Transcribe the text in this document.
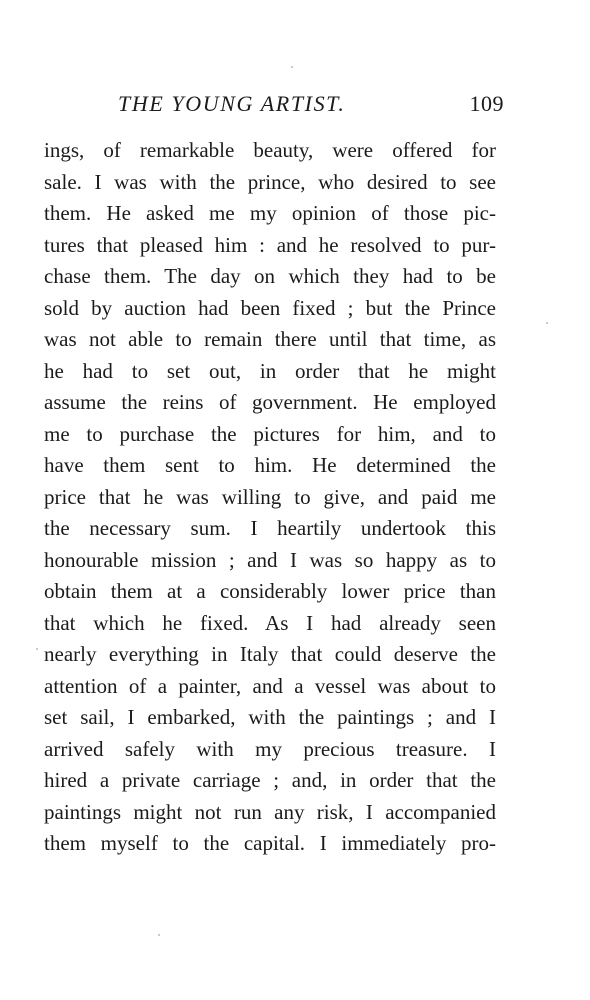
THE YOUNG ARTIST.	109
ings, of remarkable beauty, were offered for
sale. I was with the prince, who desired to see
them. He asked me my opinion of those pic-
tures that pleased him : and he resolved to pur-
chase them. The day on which they had to be
sold by auction had been fixed ; but the Prince
was not able to remain there until that time, as
he had to set out, in order that he might
assume the reins of government. He employed
me to purchase the pictures for him, and to
have them sent to him. He determined the
price that he was willing to give, and paid me
the necessary sum. I heartily undertook this
honourable mission ; and I was so happy as to
obtain them at a considerably lower price than
that which he fixed. As I had already seen
nearly everything in Italy that could deserve the
attention of a painter, and a vessel was about to
set sail, I embarked, with the paintings ; and I
arrived safely with my precious treasure. I
hired a private carriage ; and, in order that the
paintings might not run any risk, I accompanied
them myself to the capital. I immediately pro-
